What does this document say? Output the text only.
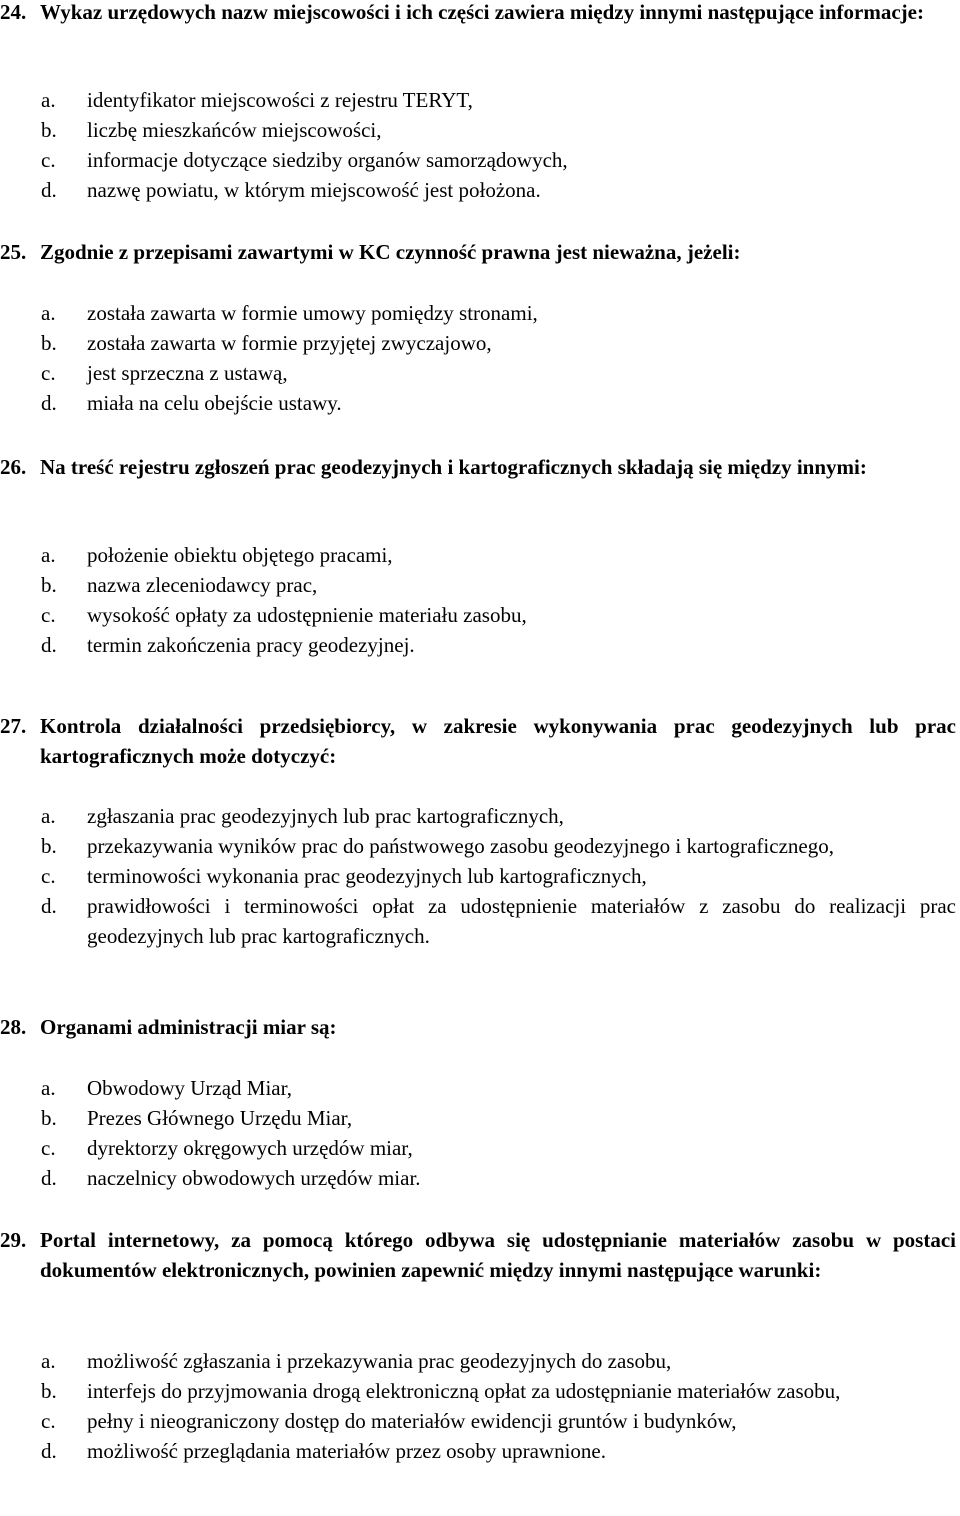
24. Wykaz urzędowych nazw miejscowości i ich części zawiera między innymi następujące informacje:
a. identyfikator miejscowości z rejestru TERYT,
b. liczbę mieszkańców miejscowości,
c. informacje dotyczące siedziby organów samorządowych,
d. nazwę powiatu, w którym miejscowość jest położona.
25. Zgodnie z przepisami zawartymi w KC czynność prawna jest nieważna, jeżeli:
a. została zawarta w formie umowy pomiędzy stronami,
b. została zawarta w formie przyjętej zwyczajowo,
c. jest sprzeczna z ustawą,
d. miała na celu obejście ustawy.
26. Na treść rejestru zgłoszeń prac geodezyjnych i kartograficznych składają się między innymi:
a. położenie obiektu objętego pracami,
b. nazwa zleceniodawcy prac,
c. wysokość opłaty za udostępnienie materiału zasobu,
d. termin zakończenia pracy geodezyjnej.
27. Kontrola działalności przedsiębiorcy, w zakresie wykonywania prac geodezyjnych lub prac kartograficznych może dotyczyć:
a. zgłaszania prac geodezyjnych lub prac kartograficznych,
b. przekazywania wyników prac do państwowego zasobu geodezyjnego i kartograficznego,
c. terminowości wykonania prac geodezyjnych lub kartograficznych,
d. prawidłowości i terminowości opłat za udostępnienie materiałów z zasobu do realizacji prac geodezyjnych lub prac kartograficznych.
28. Organami administracji miar są:
a. Obwodowy Urząd Miar,
b. Prezes Głównego Urzędu Miar,
c. dyrektorzy okręgowych urzędów miar,
d. naczelnicy obwodowych urzędów miar.
29. Portal internetowy, za pomocą którego odbywa się udostępnianie materiałów zasobu w postaci dokumentów elektronicznych, powinien zapewnić między innymi następujące warunki:
a. możliwość zgłaszania i przekazywania prac geodezyjnych do zasobu,
b. interfejs do przyjmowania drogą elektroniczną opłat za udostępnianie materiałów zasobu,
c. pełny i nieograniczony dostęp do materiałów ewidencji gruntów i budynków,
d. możliwość przeglądania materiałów przez osoby uprawnione.
